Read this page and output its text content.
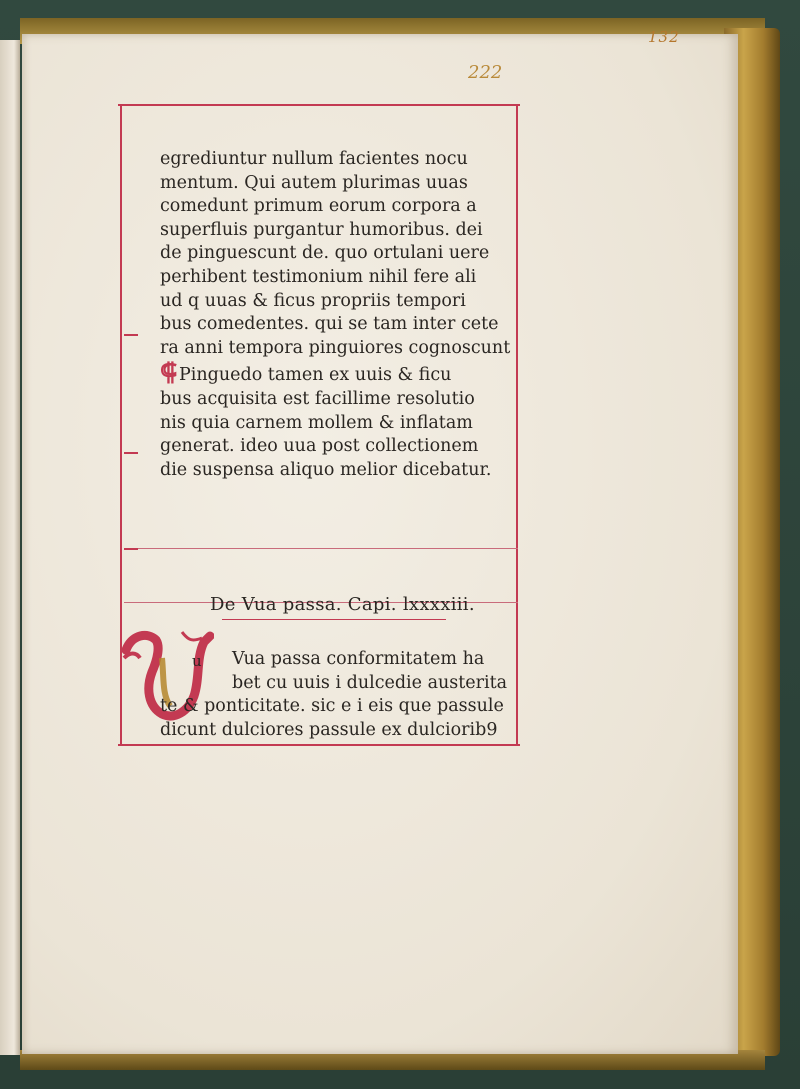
132
222
egrediuntur nullum facientes nocu
mentum. Qui autem plurimas uuas
comedunt primum eorum corpora a
superfluis purgantur humoribus. dei
de pinguescunt de. quo ortulani uere
perhibent testimonium nihil fere ali
ud q uuas & ficus propriis tempori
bus comedentes. qui se tam inter cete
ra anni tempora pinguiores cognoscunt
⸿ Pinguedo tamen ex uuis & ficu
bus acquisita est facillime resolutio
nis quia carnem mollem & inflatam
generat. ideo uua post collectionem
die suspensa aliquo melior dicebatur.
De Vua passa. Capi. lxxxxiii.
u	Vua passa conformitatem ha
bet cu uuis i dulcedie austerita
te & ponticitate. sic e i eis que passule
dicunt dulciores passule ex dulciorib9
